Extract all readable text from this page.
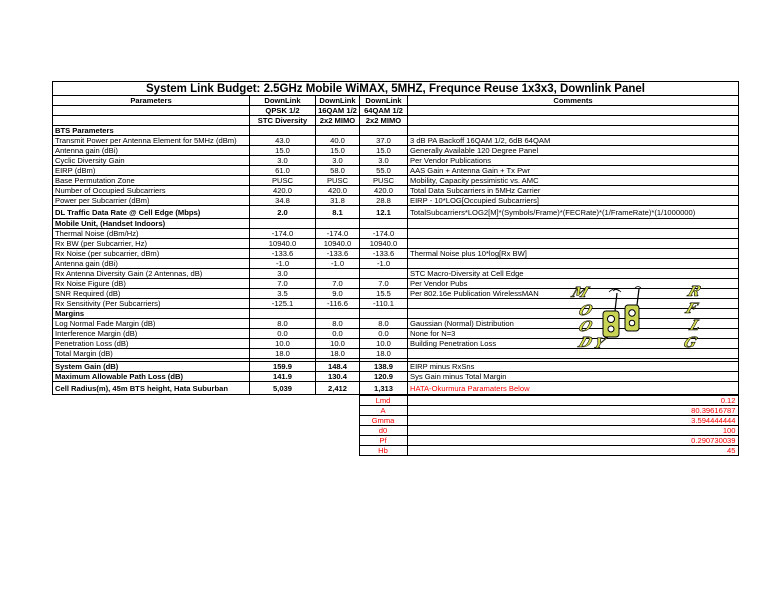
System Link Budget: 2.5GHz Mobile WiMAX, 5MHZ, Frequnce Reuse 1x3x3, Downlink Panel				
Parameters	DownLink	DownLink	DownLink	Comments
	QPSK 1/2	16QAM 1/2	64QAM 1/2	
	STC Diversity	2x2 MIMO	2x2 MIMO	
BTS Parameters				
Transmit Power per Antenna Element for 5MHz (dBm)	43.0	40.0	37.0	3 dB PA Backoff 16QAM 1/2, 6dB 64QAM
Antenna gain (dBi)	15.0	15.0	15.0	Generally Available 120 Degree Panel
Cyclic Diversity Gain	3.0	3.0	3.0	Per Vendor Publications
EIRP (dBm)	61.0	58.0	55.0	AAS Gain + Antenna Gain + Tx Pwr
Base Permutation Zone	PUSC	PUSC	PUSC	Mobility, Capacity pessimistic vs. AMC
Number of Occupied Subcarriers	420.0	420.0	420.0	Total Data Subcarriers in 5MHz Carrier
Power per Subcarrier (dBm)	34.8	31.8	28.8	EIRP - 10*LOG[Occupied Subcarriers]
DL Traffic Data Rate @ Cell Edge (Mbps)	2.0	8.1	12.1	TotalSubcarriers*LOG2[M]*(Symbols/Frame)*(FECRate)*(1/FrameRate)*(1/1000000)
Mobile Unit, (Handset Indoors)				
Thermal Noise (dBm/Hz)	-174.0	-174.0	-174.0	
Rx BW (per Subcarrier, Hz)	10940.0	10940.0	10940.0	
Rx Noise (per subcarrier, dBm)	-133.6	-133.6	-133.6	Thermal Noise plus 10*log[Rx BW]
Antenna gain (dBi)	-1.0	-1.0	-1.0	
Rx Antenna Diversity Gain (2 Antennas, dB)	3.0			STC Macro-Diversity at Cell Edge
Rx Noise Figure (dB)	7.0	7.0	7.0	Per Vendor Pubs
SNR Required (dB)	3.5	9.0	15.5	Per 802.16e Publication WirelessMAN
Rx Sensitivity (Per Subcarriers)	-125.1	-116.6	-110.1	
Margins				
Log Normal Fade Margin (dB)	8.0	8.0	8.0	Gaussian (Normal) Distribution
Interference Margin (dB)	0.0	0.0	0.0	None for N=3
Penetration Loss (dB)	10.0	10.0	10.0	Building Penetration Loss
Total Margin (dB)	18.0	18.0	18.0	

System Gain (dB)	159.9	148.4	138.9	EIRP minus RxSns
Maximum Allowable Path Loss (dB)	141.9	130.4	120.9	Sys Gain minus Total Margin
Cell Radius(m), 45m BTS height, Hata Suburban	5,039	2,412	1,313	HATA-Okurmura Paramaters Below
	Lmd	0.12
	A	80.39616787
	Gmma	3.594444444
	d0	100
	Pf	0.290730039
	Hb	45
M	R
F
O
O	L
D
Y	G
